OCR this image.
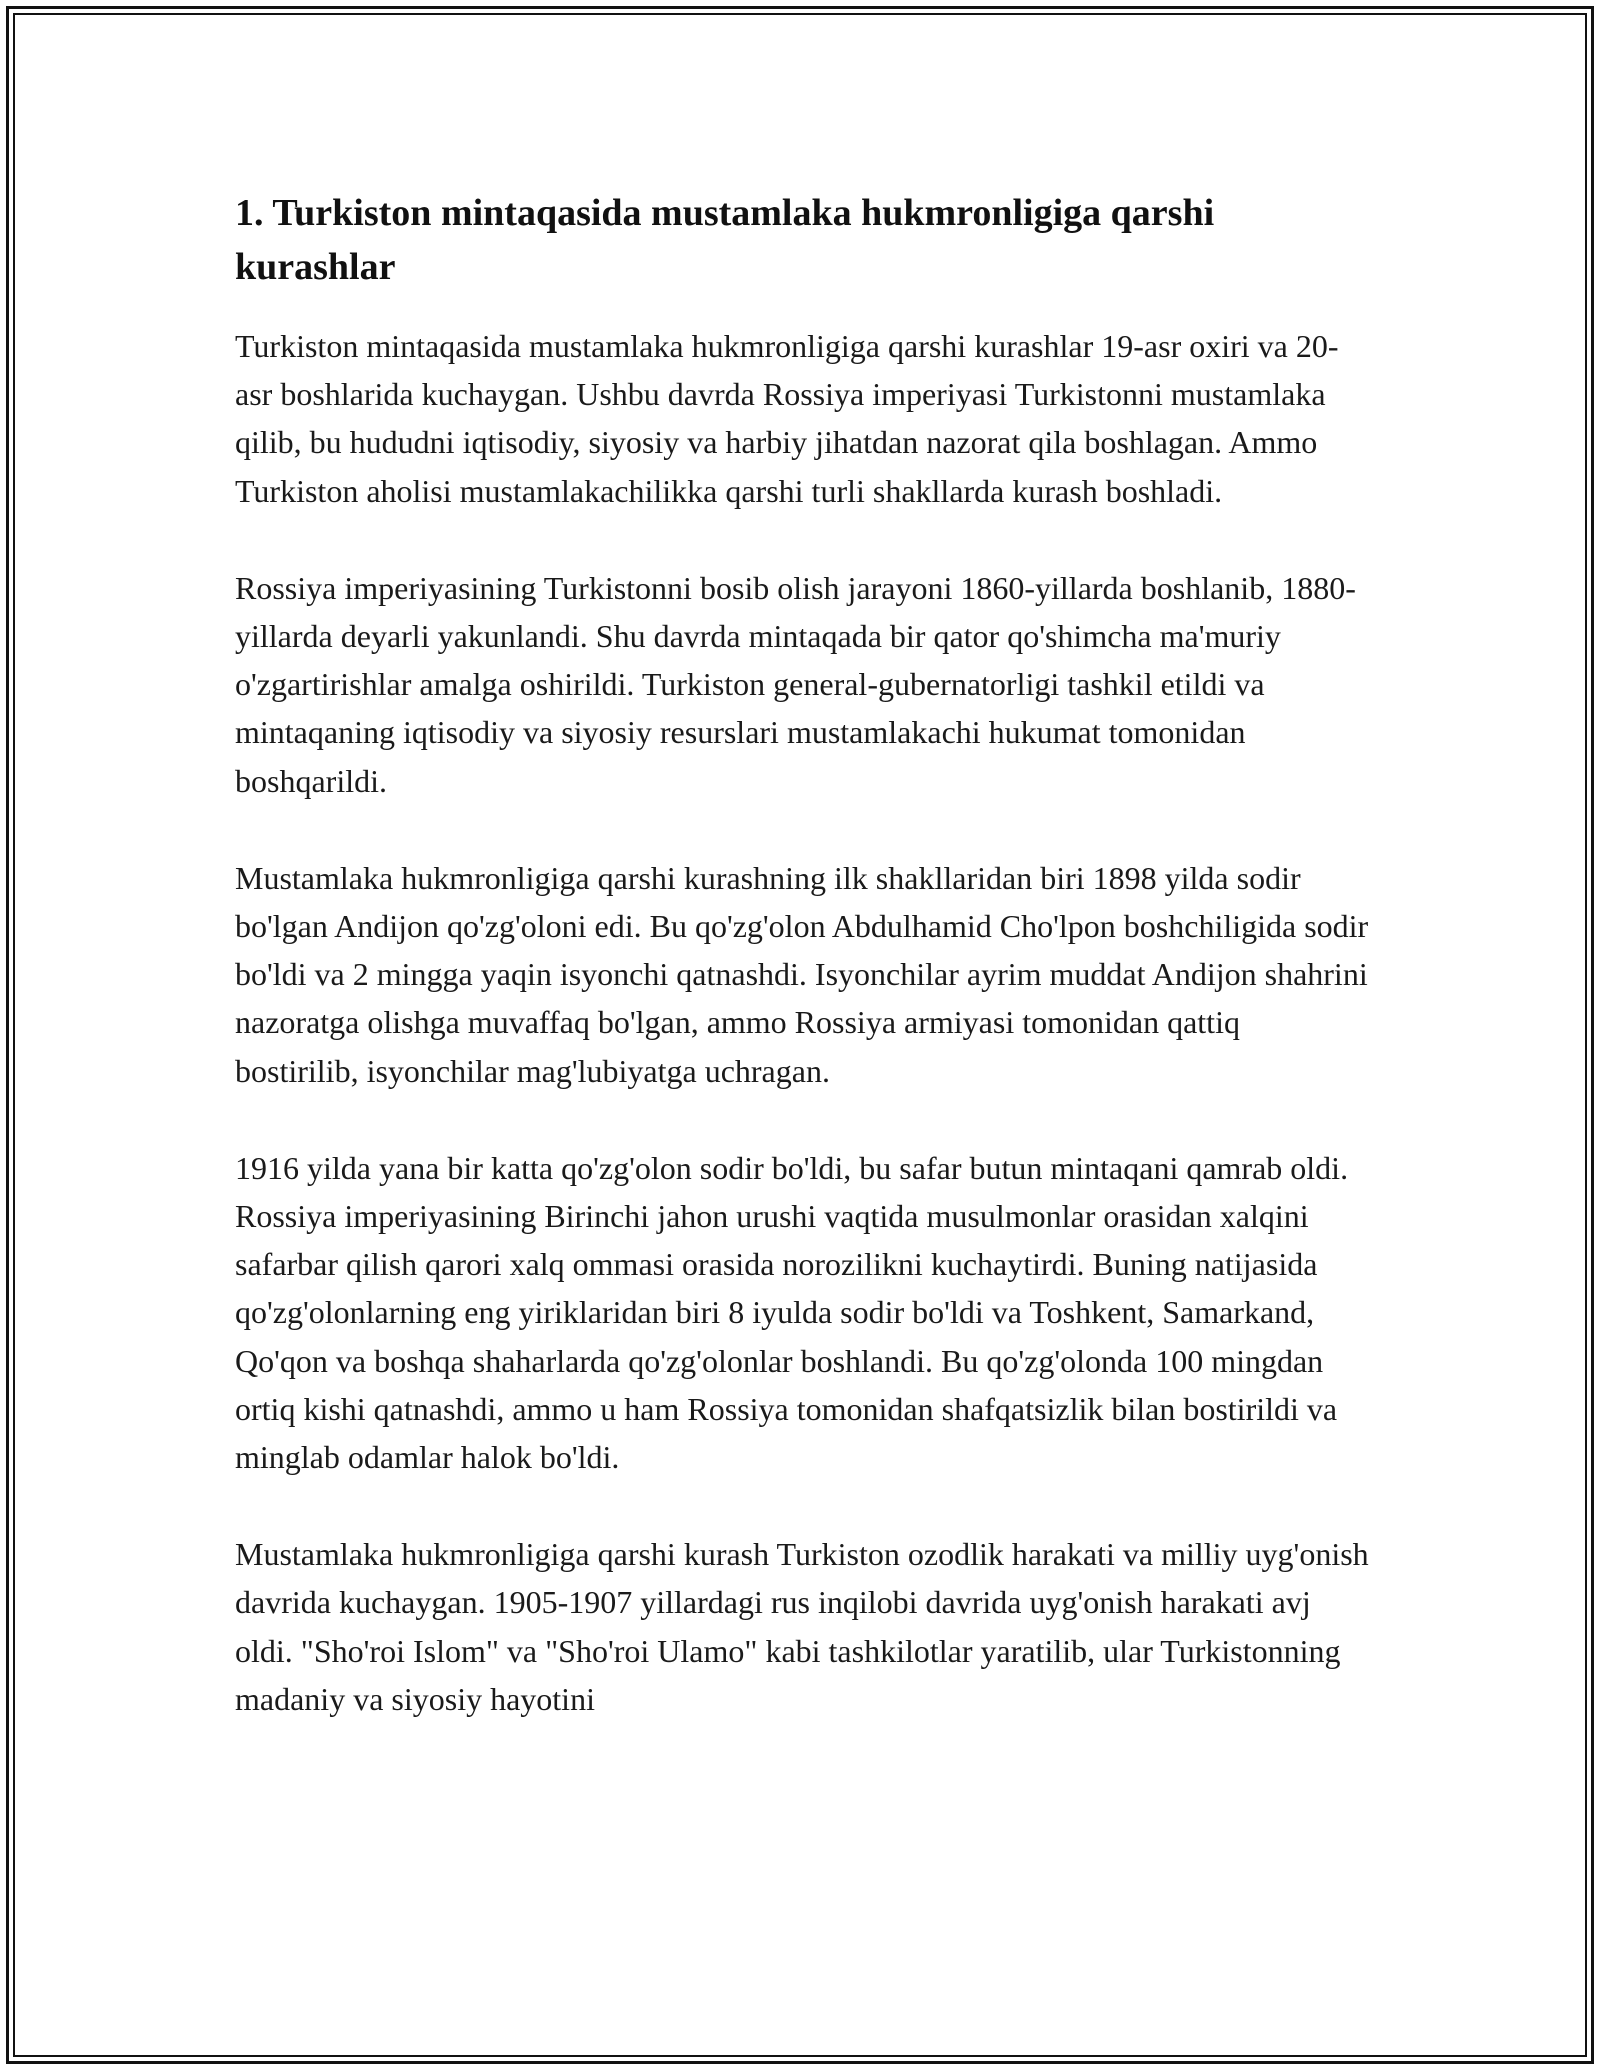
1. Turkiston mintaqasida mustamlaka hukmronligiga qarshi kurashlar

Turkiston mintaqasida mustamlaka hukmronligiga qarshi kurashlar 19-asr oxiri va 20-asr boshlarida kuchaygan. Ushbu davrda Rossiya imperiyasi Turkistonni mustamlaka qilib, bu hududni iqtisodiy, siyosiy va harbiy jihatdan nazorat qila boshlagan. Ammo Turkiston aholisi mustamlakachilikka qarshi turli shakllarda kurash boshladi.

Rossiya imperiyasining Turkistonni bosib olish jarayoni 1860-yillarda boshlanib, 1880-yillarda deyarli yakunlandi. Shu davrda mintaqada bir qator qo'shimcha ma'muriy o'zgartirishlar amalga oshirildi. Turkiston general-gubernatorligi tashkil etildi va mintaqaning iqtisodiy va siyosiy resurslari mustamlakachi hukumat tomonidan boshqarildi.

Mustamlaka hukmronligiga qarshi kurashning ilk shakllaridan biri 1898 yilda sodir bo'lgan Andijon qo'zg'oloni edi. Bu qo'zg'olon Abdulhamid Cho'lpon boshchiligida sodir bo'ldi va 2 mingga yaqin isyonchi qatnashdi. Isyonchilar ayrim muddat Andijon shahrini nazoratga olishga muvaffaq bo'lgan, ammo Rossiya armiyasi tomonidan qattiq bostirilib, isyonchilar mag'lubiyatga uchragan.

1916 yilda yana bir katta qo'zg'olon sodir bo'ldi, bu safar butun mintaqani qamrab oldi. Rossiya imperiyasining Birinchi jahon urushi vaqtida musulmonlar orasidan xalqini safarbar qilish qarori xalq ommasi orasida norozilikni kuchaytirdi. Buning natijasida qo'zg'olonlarning eng yiriklaridan biri 8 iyulda sodir bo'ldi va Toshkent, Samarkand, Qo'qon va boshqa shaharlarda qo'zg'olonlar boshlandi. Bu qo'zg'olonda 100 mingdan ortiq kishi qatnashdi, ammo u ham Rossiya tomonidan shafqatsizlik bilan bostirildi va minglab odamlar halok bo'ldi.

Mustamlaka hukmronligiga qarshi kurash Turkiston ozodlik harakati va milliy uyg'onish davrida kuchaygan. 1905-1907 yillardagi rus inqilobi davrida uyg'onish harakati avj oldi. "Sho'roi Islom" va "Sho'roi Ulamo" kabi tashkilotlar yaratilib, ular Turkistonning madaniy va siyosiy hayotini
